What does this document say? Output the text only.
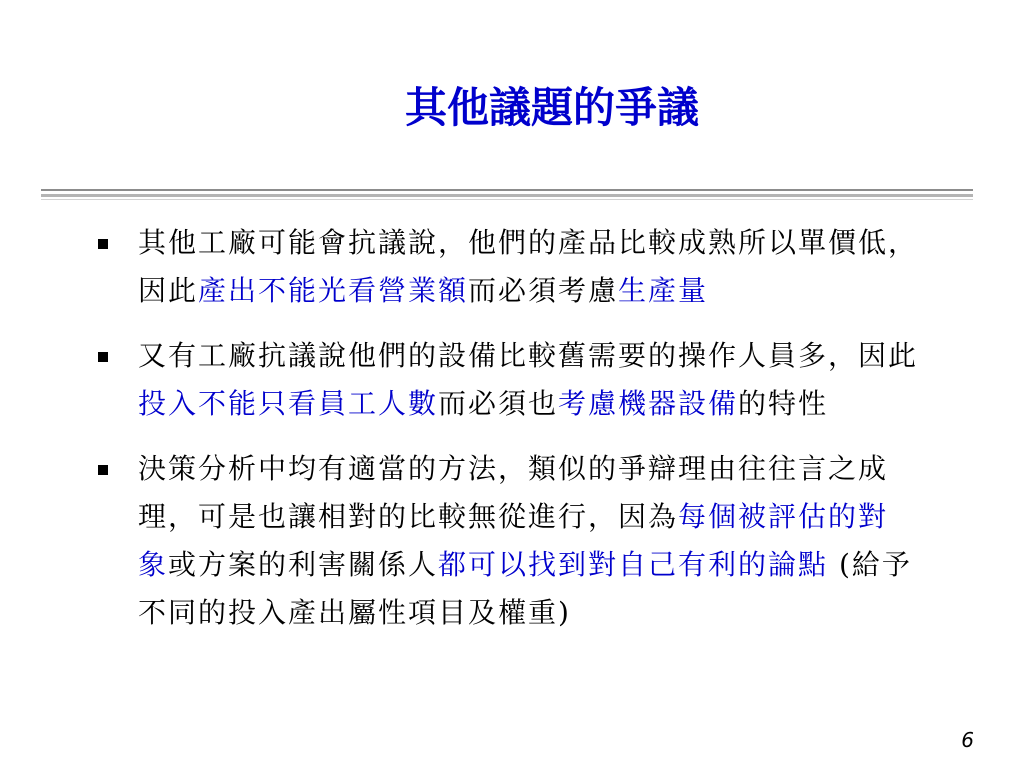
其他議題的爭議
其他工廠可能會抗議說，他們的產品比較成熟所以單價低，因此產出不能光看營業額而必須考慮生產量
又有工廠抗議說他們的設備比較舊需要的操作人員多，因此投入不能只看員工人數而必須也考慮機器設備的特性
決策分析中均有適當的方法，類似的爭辯理由往往言之成理，可是也讓相對的比較無從進行，因為每個被評估的對象或方案的利害關係人都可以找到對自己有利的論點 (給予不同的投入產出屬性項目及權重)
6
